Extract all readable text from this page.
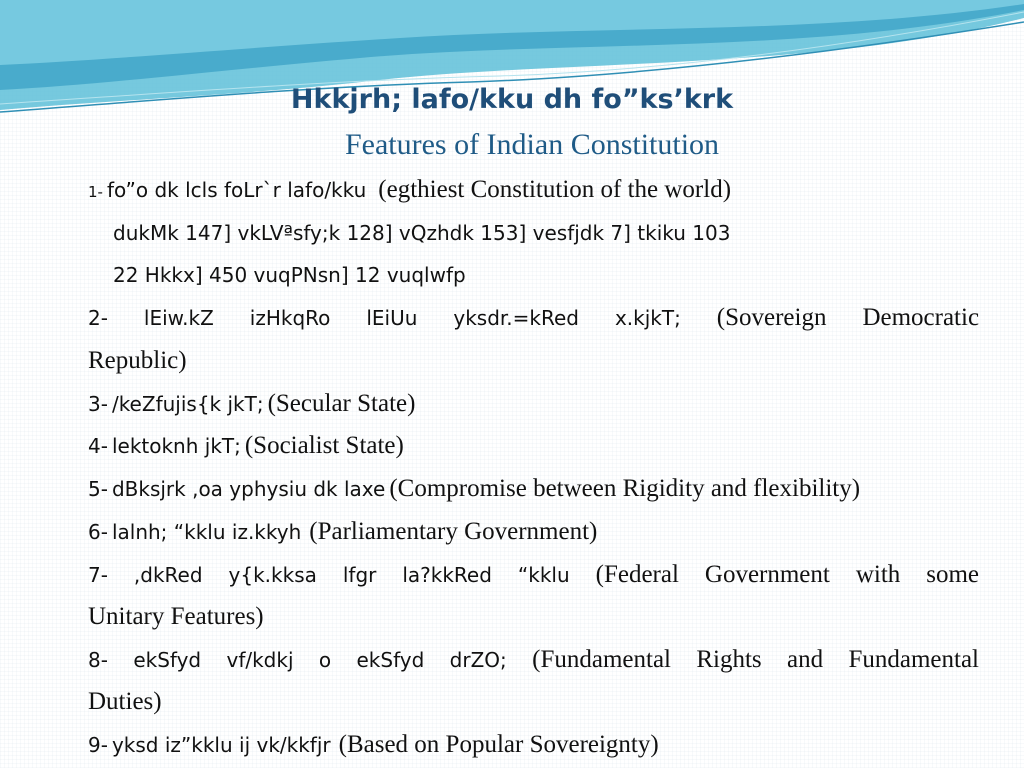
Hkkjrh; lafo/kku dh fo”ks’krk
Features of Indian Constitution
1- fo”o dk lcls foLr`r lafo/kku (egthiest Constitution of the world)
dukMk 147] vkLVªsfy;k 128] vQzhdk 153] vesfjdk 7] tkiku 103
22 Hkkx] 450 vuqPNsn] 12 vuqlwfp
2- lEiw.kZ izHkqRo lEiUu yksdr.=kRed x.kjkT; (Sovereign Democratic
Republic)
3- /keZfujis{k jkT; (Secular State)
4- lektoknh jkT; (Socialist State)
5- dBksjrk ,oa yphysiu dk laxe (Compromise between Rigidity and flexibility)
6- lalnh; “kklu iz.kkyh (Parliamentary Government)
7- ,dkRed y{k.kksa lfgr la?kkRed “kklu (Federal Government with some
Unitary Features)
8- ekSfyd vf/kdkj o ekSfyd drZO; (Fundamental Rights and Fundamental
Duties)
9- yksd iz”kklu ij vk/kkfjr (Based on Popular Sovereignty)
